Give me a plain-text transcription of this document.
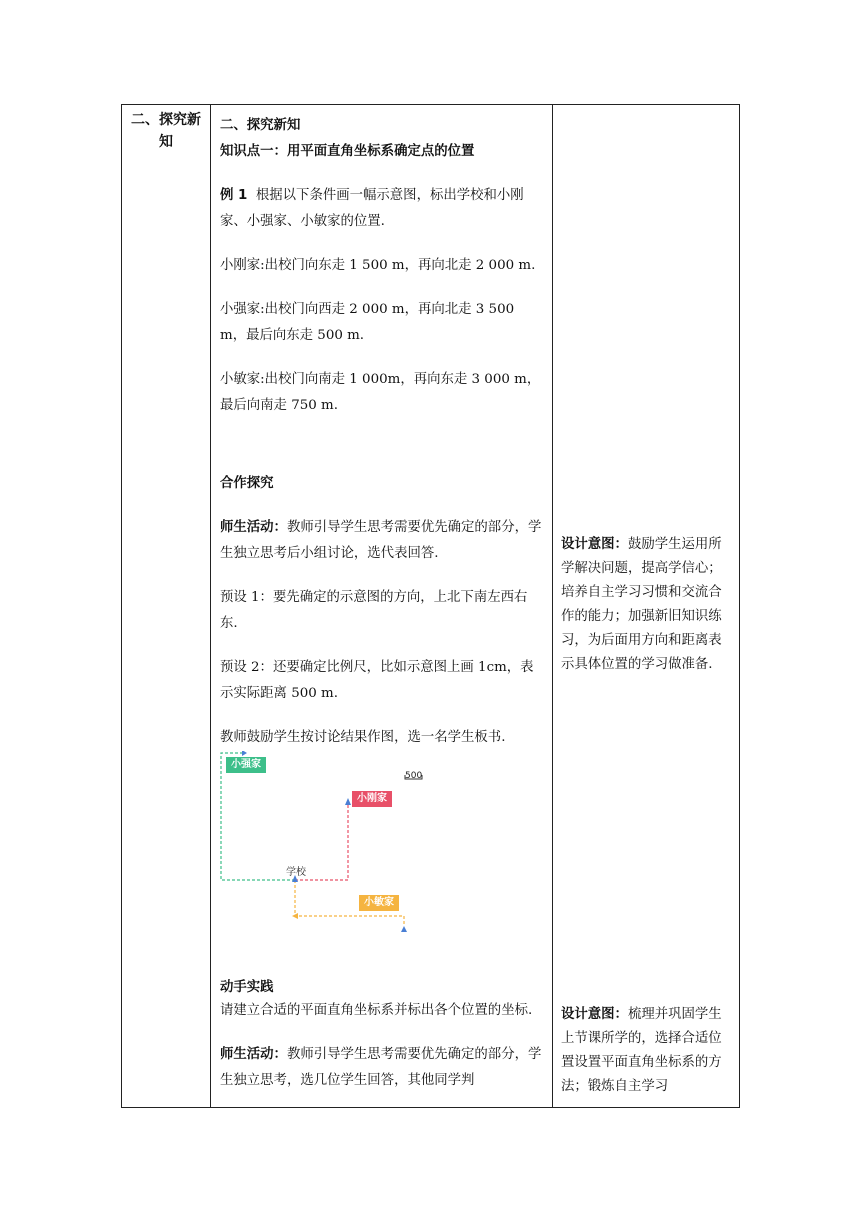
二、探究新知

二、探究新知

知识点一：用平面直角坐标系确定点的位置

例 1 根据以下条件画一幅示意图，标出学校和小刚家、小强家、小敏家的位置.

小刚家:出校门向东走 1 500 m，再向北走 2 000 m.

小强家:出校门向西走 2 000 m，再向北走 3 500 m，最后向东走 500 m.

小敏家:出校门向南走 1 000m，再向东走 3 000 m，最后向南走 750 m.

合作探究

师生活动：教师引导学生思考需要优先确定的部分，学生独立思考后小组讨论，选代表回答.

预设 1：要先确定的示意图的方向，上北下南左西右东.

预设 2：还要确定比例尺，比如示意图上画 1cm，表示实际距离 500 m.

教师鼓励学生按讨论结果作图，选一名学生板书.

小强家
小刚家
小敏家
学校
500

动手实践

请建立合适的平面直角坐标系并标出各个位置的坐标.

师生活动：教师引导学生思考需要优先确定的部分，学生独立思考，选几位学生回答，其他同学判

设计意图：鼓励学生运用所学解决问题，提高学信心；培养自主学习习惯和交流合作的能力；加强新旧知识练习，为后面用方向和距离表示具体位置的学习做准备.
设计意图：梳理并巩固学生上节课所学的，选择合适位置设置平面直角坐标系的方法；锻炼自主学习
